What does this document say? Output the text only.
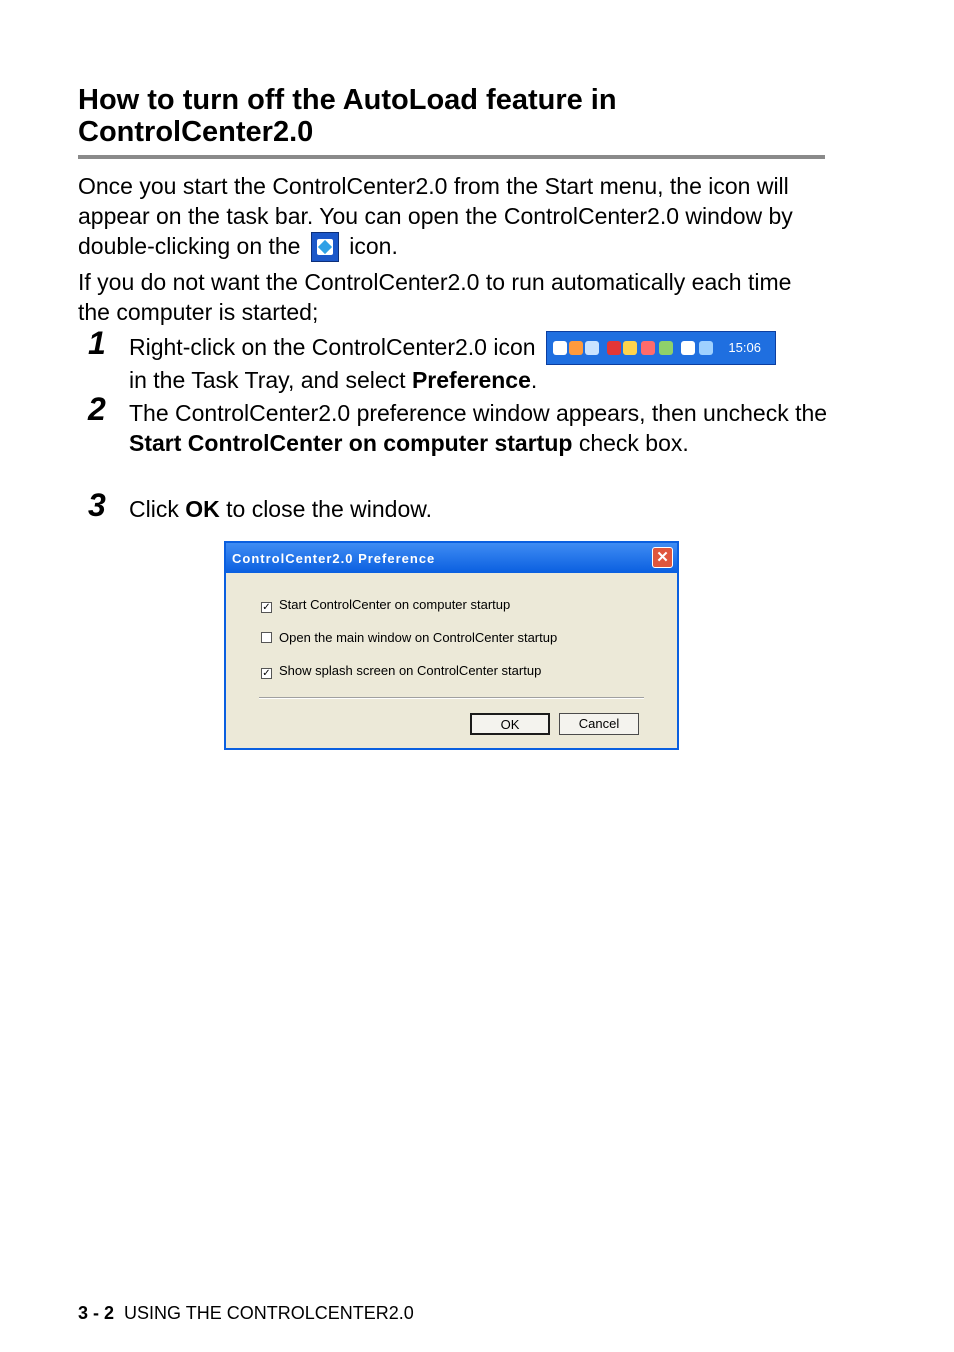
How to turn off the AutoLoad feature in ControlCenter2.0

Once you start the ControlCenter2.0 from the Start menu, the icon will appear on the task bar. You can open the ControlCenter2.0 window by double-clicking on the icon.

If you do not want the ControlCenter2.0 to run automatically each time the computer is started;

1 Right-click on the ControlCenter2.0 icon	15:06

in the Task Tray, and select Preference.

2 The ControlCenter2.0 preference window appears, then uncheck the Start ControlCenter on computer startup check box.

3 Click OK to close the window.

ControlCenter2.0 Preference	✕
✓ Start ControlCenter on computer startup
Open the main window on ControlCenter startup
✓ Show splash screen on ControlCenter startup
OK	Cancel
3 - 2 USING THE CONTROLCENTER2.0
